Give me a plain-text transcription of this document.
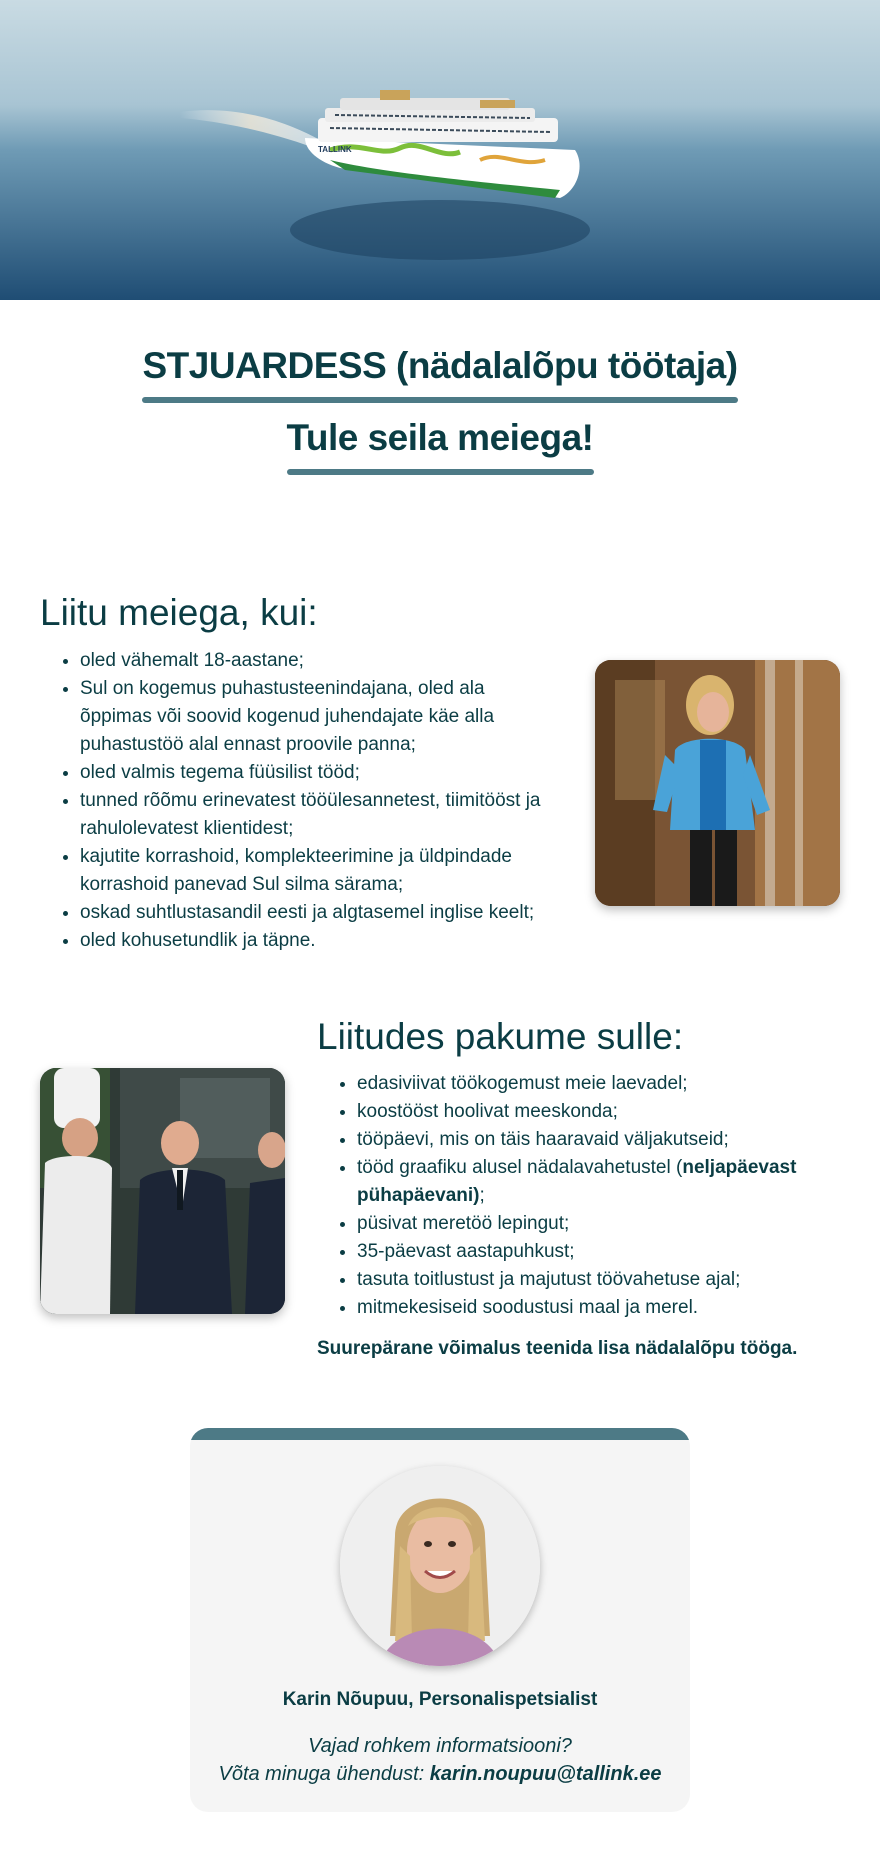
TALLINK
STJUARDESS (nädalalõpu töötaja)
Tule seila meiega!
Liitu meiega, kui:
• oled vähemalt 18-aastane;
• Sul on kogemus puhastusteenindajana, oled ala õppimas või soovid kogenud juhendajate käe alla puhastustöö alal ennast proovile panna;
• oled valmis tegema füüsilist tööd;
• tunned rõõmu erinevatest tööülesannetest, tiimitööst ja rahulolevatest klientidest;
• kajutite korrashoid, komplekteerimine ja üldpindade korrashoid panevad Sul silma särama;
• oskad suhtlustasandil eesti ja algtasemel inglise keelt;
• oled kohusetundlik ja täpne.
Liitudes pakume sulle:
• edasiviivat töökogemust meie laevadel;
• koostööst hoolivat meeskonda;
• tööpäevi, mis on täis haaravaid väljakutseid;
• tööd graafiku alusel nädalavahetustel (neljapäevast pühapäevani);
• püsivat meretöö lepingut;
• 35-päevast aastapuhkust;
• tasuta toitlustust ja majutust töövahetuse ajal;
• mitmekesiseid soodustusi maal ja merel.
Suurepärane võimalus teenida lisa nädalalõpu tööga.
Karin Nõupuu, Personalispetsialist
Vajad rohkem informatsiooni?
Võta minuga ühendust: karin.noupuu@tallink.ee
